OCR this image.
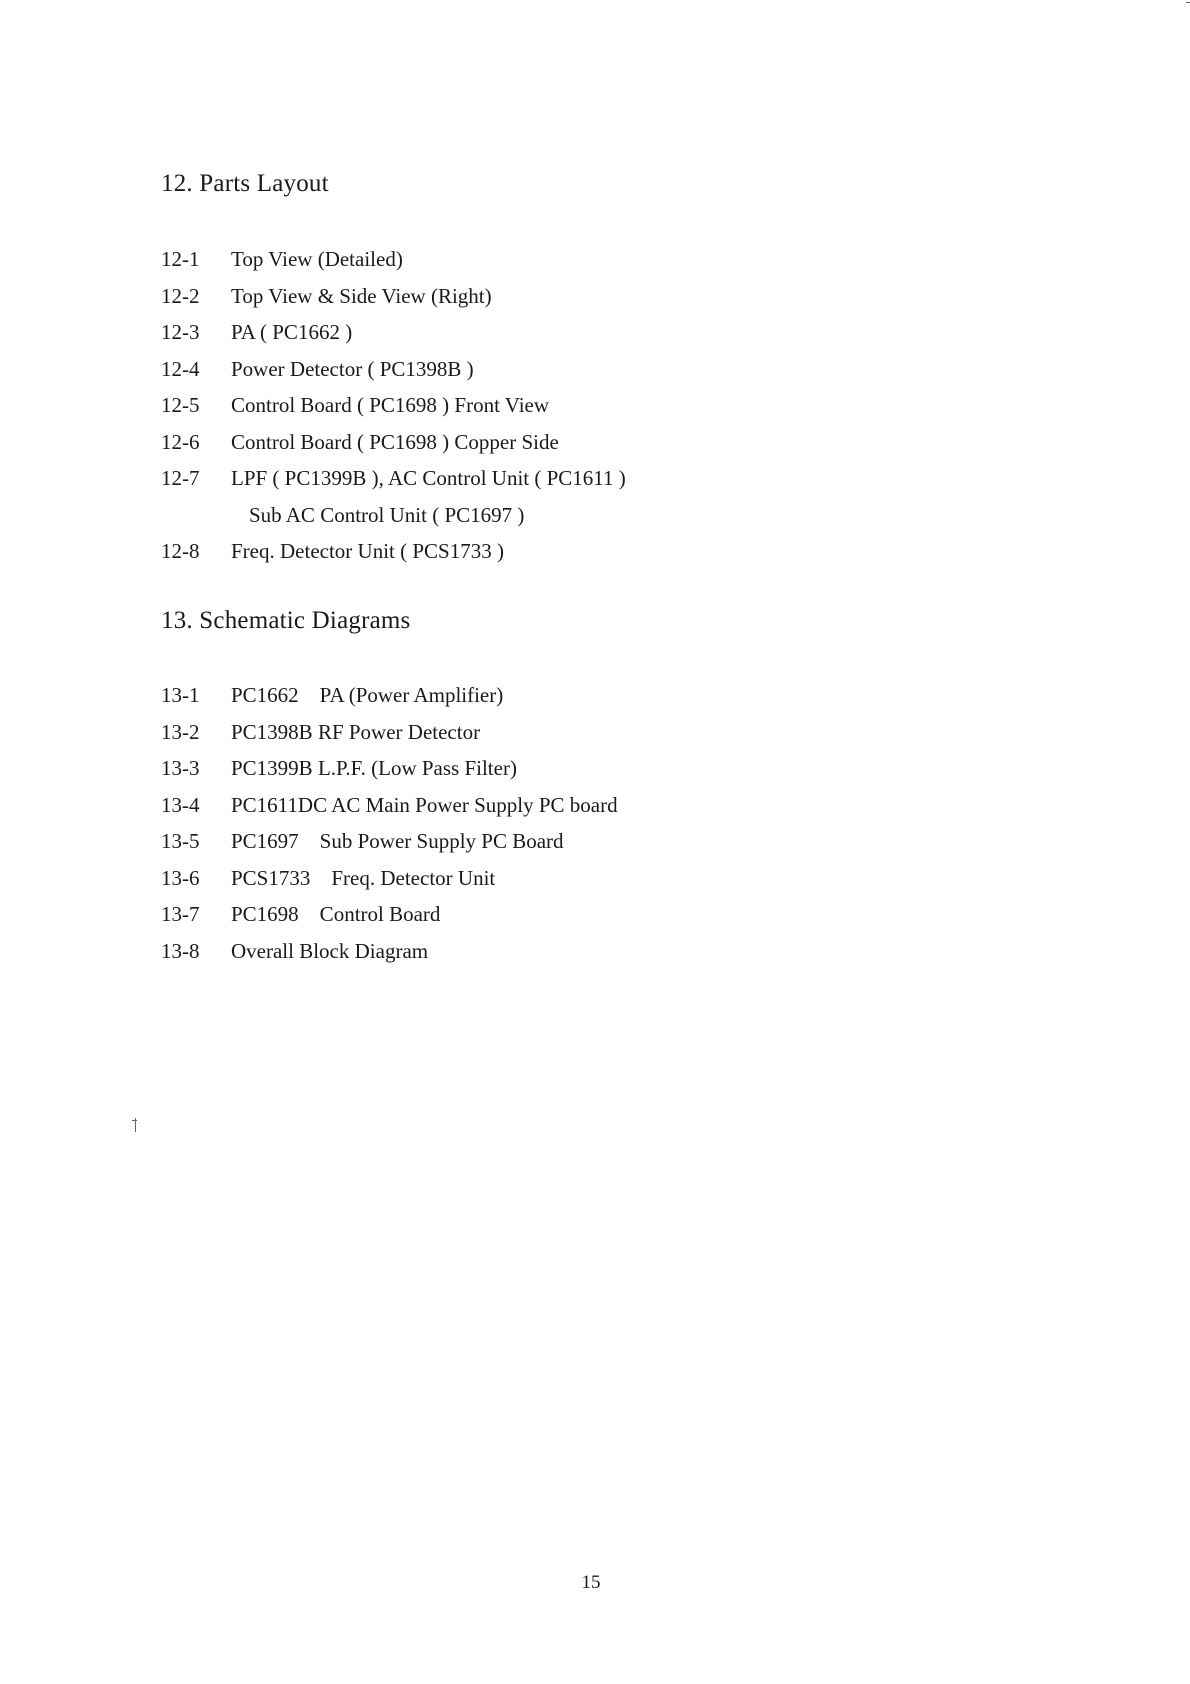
12. Parts Layout
12-1	Top View (Detailed)
12-2	Top View & Side View (Right)
12-3	PA ( PC1662 )
12-4	Power Detector ( PC1398B )
12-5	Control Board ( PC1698 ) Front View
12-6	Control Board ( PC1698 ) Copper Side
12-7	LPF ( PC1399B ), AC Control Unit ( PC1611 )
Sub AC Control Unit ( PC1697 )
12-8	Freq. Detector Unit ( PCS1733 )
13. Schematic Diagrams
13-1	PC1662    PA (Power Amplifier)
13-2	PC1398B RF Power Detector
13-3	PC1399B L.P.F. (Low Pass Filter)
13-4	PC1611DC AC Main Power Supply PC board
13-5	PC1697    Sub Power Supply PC Board
13-6	PCS1733    Freq. Detector Unit
13-7	PC1698    Control Board
13-8	Overall Block Diagram
15
